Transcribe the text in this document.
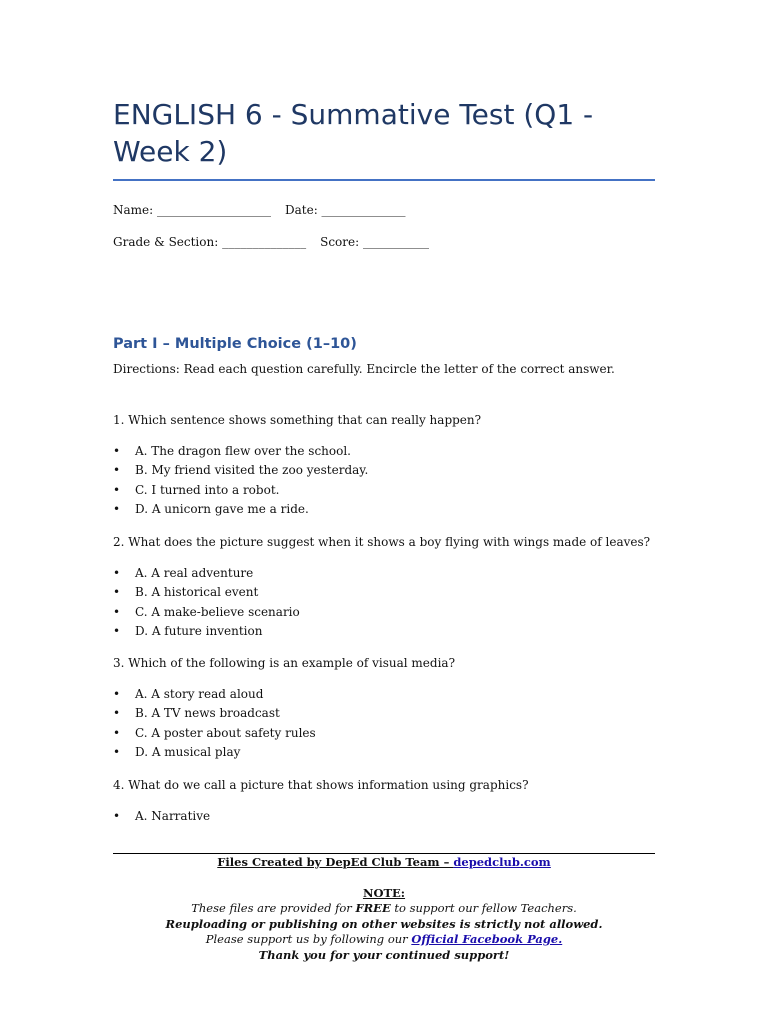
ENGLISH 6 - Summative Test (Q1 - Week 2)
Name: ___________________ Date: ______________
Grade & Section: ______________ Score: ___________
Part I – Multiple Choice (1–10)
Directions: Read each question carefully. Encircle the letter of the correct answer.
1. Which sentence shows something that can really happen?
• A. The dragon flew over the school.
• B. My friend visited the zoo yesterday.
• C. I turned into a robot.
• D. A unicorn gave me a ride.
2. What does the picture suggest when it shows a boy flying with wings made of leaves?
• A. A real adventure
• B. A historical event
• C. A make-believe scenario
• D. A future invention
3. Which of the following is an example of visual media?
• A. A story read aloud
• B. A TV news broadcast
• C. A poster about safety rules
• D. A musical play
4. What do we call a picture that shows information using graphics?
• A. Narrative
Files Created by DepEd Club Team – depedclub.com
NOTE:
These files are provided for FREE to support our fellow Teachers.
Reuploading or publishing on other websites is strictly not allowed.
Please support us by following our Official Facebook Page.
Thank you for your continued support!
